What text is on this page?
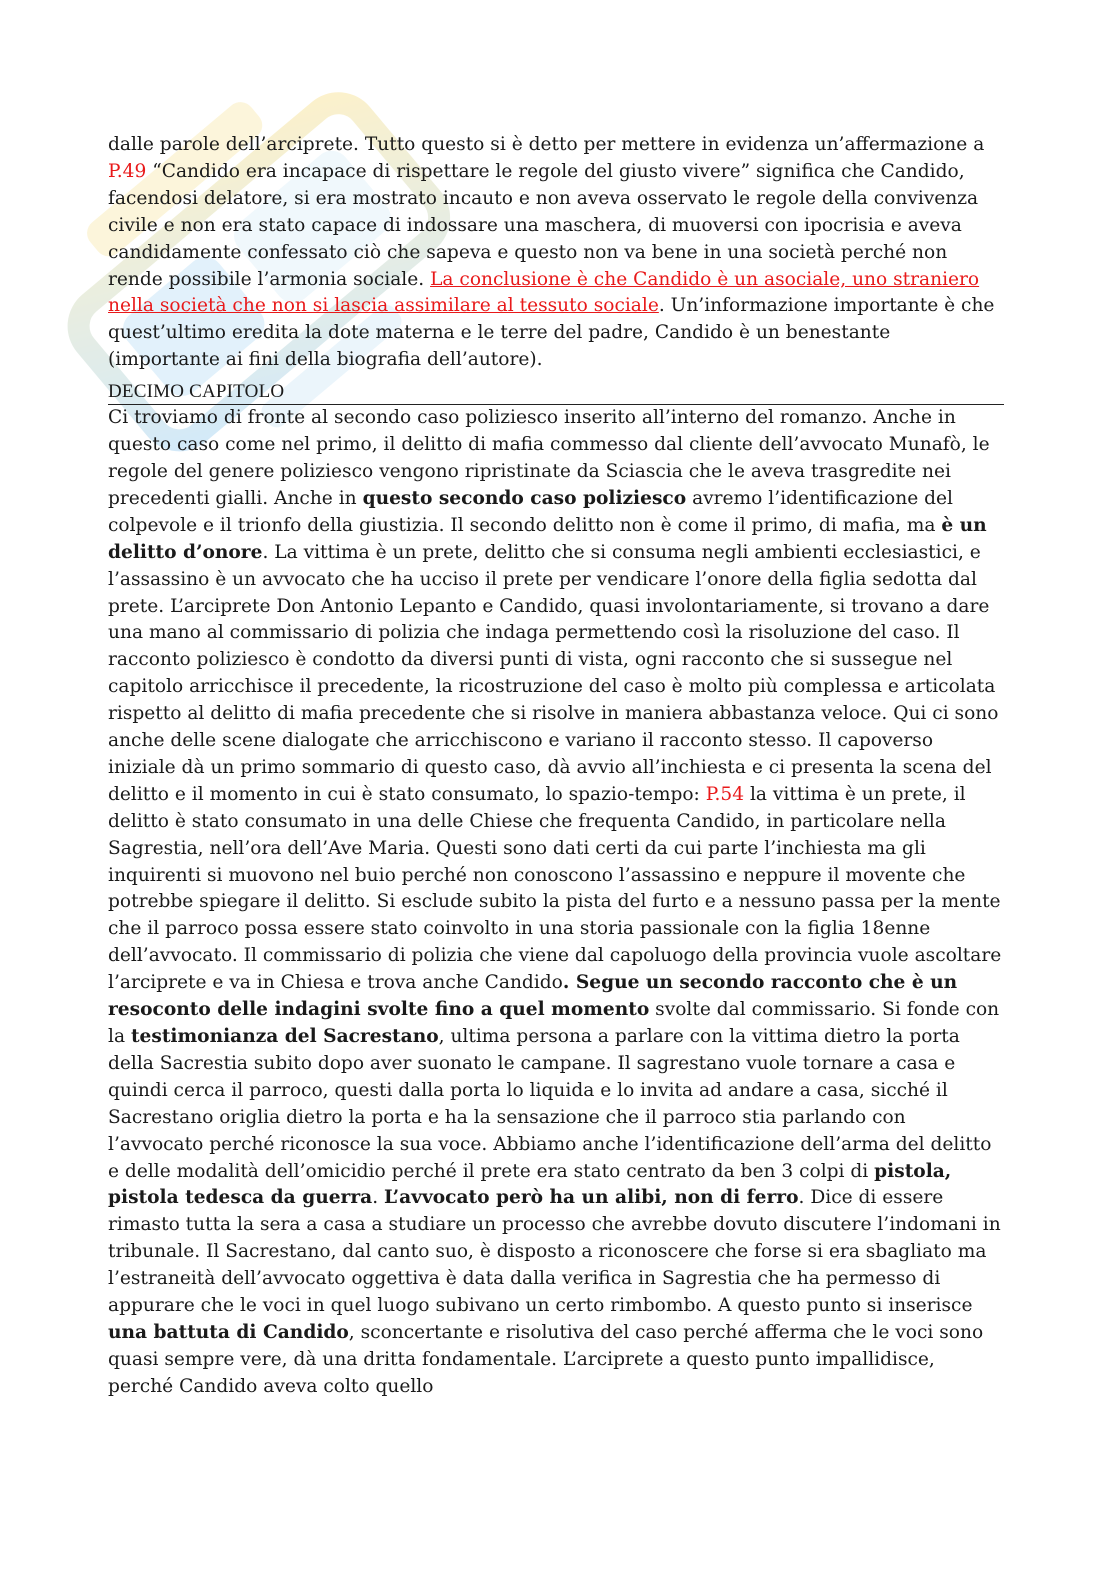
dalle parole dell’arciprete. Tutto questo si è detto per mettere in evidenza un’affermazione a P.49 “Candido era incapace di rispettare le regole del giusto vivere” significa che Candido, facendosi delatore, si era mostrato incauto e non aveva osservato le regole della convivenza civile e non era stato capace di indossare una maschera, di muoversi con ipocrisia e aveva candidamente confessato ciò che sapeva e questo non va bene in una società perché non rende possibile l’armonia sociale. La conclusione è che Candido è un asociale, uno straniero nella società che non si lascia assimilare al tessuto sociale. Un’informazione importante è che quest’ultimo eredita la dote materna e le terre del padre, Candido è un benestante (importante ai fini della biografia dell’autore).

DECIMO CAPITOLO

Ci troviamo di fronte al secondo caso poliziesco inserito all’interno del romanzo. Anche in questo caso come nel primo, il delitto di mafia commesso dal cliente dell’avvocato Munafò, le regole del genere poliziesco vengono ripristinate da Sciascia che le aveva trasgredite nei precedenti gialli. Anche in questo secondo caso poliziesco avremo l’identificazione del colpevole e il trionfo della giustizia. Il secondo delitto non è come il primo, di mafia, ma è un delitto d’onore. La vittima è un prete, delitto che si consuma negli ambienti ecclesiastici, e l’assassino è un avvocato che ha ucciso il prete per vendicare l’onore della figlia sedotta dal prete. L’arciprete Don Antonio Lepanto e Candido, quasi involontariamente, si trovano a dare una mano al commissario di polizia che indaga permettendo così la risoluzione del caso. Il racconto poliziesco è condotto da diversi punti di vista, ogni racconto che si sussegue nel capitolo arricchisce il precedente, la ricostruzione del caso è molto più complessa e articolata rispetto al delitto di mafia precedente che si risolve in maniera abbastanza veloce. Qui ci sono anche delle scene dialogate che arricchiscono e variano il racconto stesso. Il capoverso iniziale dà un primo sommario di questo caso, dà avvio all’inchiesta e ci presenta la scena del delitto e il momento in cui è stato consumato, lo spazio-tempo: P.54 la vittima è un prete, il delitto è stato consumato in una delle Chiese che frequenta Candido, in particolare nella Sagrestia, nell’ora dell’Ave Maria. Questi sono dati certi da cui parte l’inchiesta ma gli inquirenti si muovono nel buio perché non conoscono l’assassino e neppure il movente che potrebbe spiegare il delitto. Si esclude subito la pista del furto e a nessuno passa per la mente che il parroco possa essere stato coinvolto in una storia passionale con la figlia 18enne dell’avvocato. Il commissario di polizia che viene dal capoluogo della provincia vuole ascoltare l’arciprete e va in Chiesa e trova anche Candido. Segue un secondo racconto che è un resoconto delle indagini svolte fino a quel momento svolte dal commissario. Si fonde con la testimonianza del Sacrestano, ultima persona a parlare con la vittima dietro la porta della Sacrestia subito dopo aver suonato le campane. Il sagrestano vuole tornare a casa e quindi cerca il parroco, questi dalla porta lo liquida e lo invita ad andare a casa, sicché il Sacrestano origlia dietro la porta e ha la sensazione che il parroco stia parlando con l’avvocato perché riconosce la sua voce. Abbiamo anche l’identificazione dell’arma del delitto e delle modalità dell’omicidio perché il prete era stato centrato da ben 3 colpi di pistola, pistola tedesca da guerra. L’avvocato però ha un alibi, non di ferro. Dice di essere rimasto tutta la sera a casa a studiare un processo che avrebbe dovuto discutere l’indomani in tribunale. Il Sacrestano, dal canto suo, è disposto a riconoscere che forse si era sbagliato ma l’estraneità dell’avvocato oggettiva è data dalla verifica in Sagrestia che ha permesso di appurare che le voci in quel luogo subivano un certo rimbombo. A questo punto si inserisce una battuta di Candido, sconcertante e risolutiva del caso perché afferma che le voci sono quasi sempre vere, dà una dritta fondamentale. L’arciprete a questo punto impallidisce, perché Candido aveva colto quello
